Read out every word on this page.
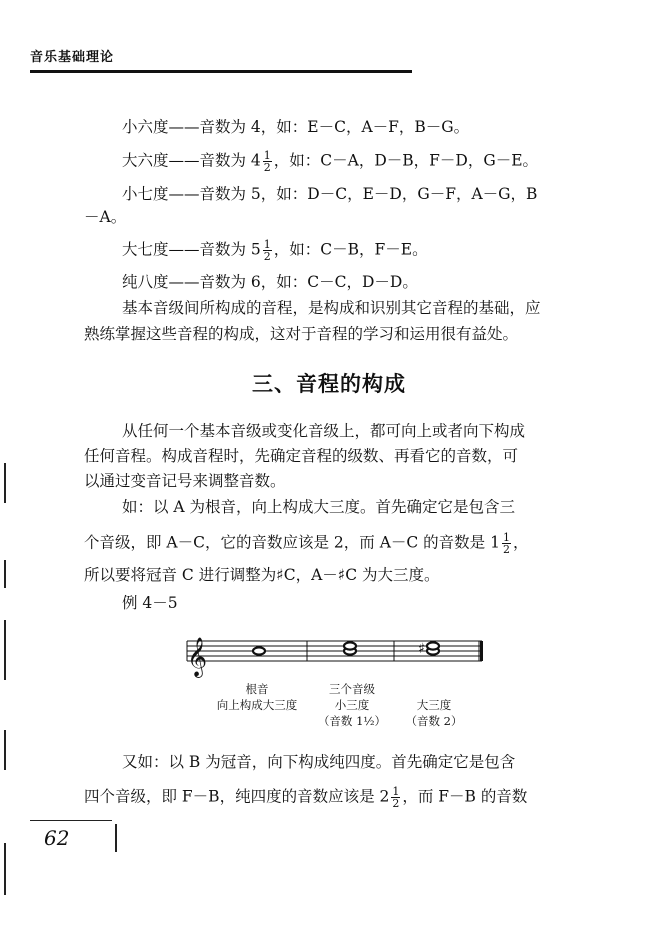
音乐基础理论
小六度——音数为 4，如：E－C，A－F，B－G。
大六度——音数为 $4 \frac{1}{2}$ ，如：C－A，D－B，F－D，G－E。
小七度——音数为 5，如：D－C，E－D，G－F，A－G，B
－A。
大七度——音数为 $5 \frac{1}{2}$ ，如：C－B，F－E。
纯八度——音数为 6，如：C－C，D－D。
基本音级间所构成的音程，是构成和识别其它音程的基础，应
熟练掌握这些音程的构成，这对于音程的学习和运用很有益处。
三、音程的构成
从任何一个基本音级或变化音级上，都可向上或者向下构成
任何音程。构成音程时，先确定音程的级数、再看它的音数，可
以通过变音记号来调整音数。
如：以 A 为根音，向上构成大三度。首先确定它是包含三
个音级，即 A－C，它的音数应该是 2，而 A－C 的音数是 $1 \frac{1}{2}$ ，
所以要将冠音 C 进行调整为♯C，A－♯C 为大三度。
例 4－5
𝄞	♯
根音
向上构成大三度
三个音级
小三度
（音数 1½）
大三度
（音数 2）
又如：以 B 为冠音，向下构成纯四度。首先确定它是包含
四个音级，即 F－B，纯四度的音数应该是 $2 \frac{1}{2}$ ，而 F－B 的音数
62
